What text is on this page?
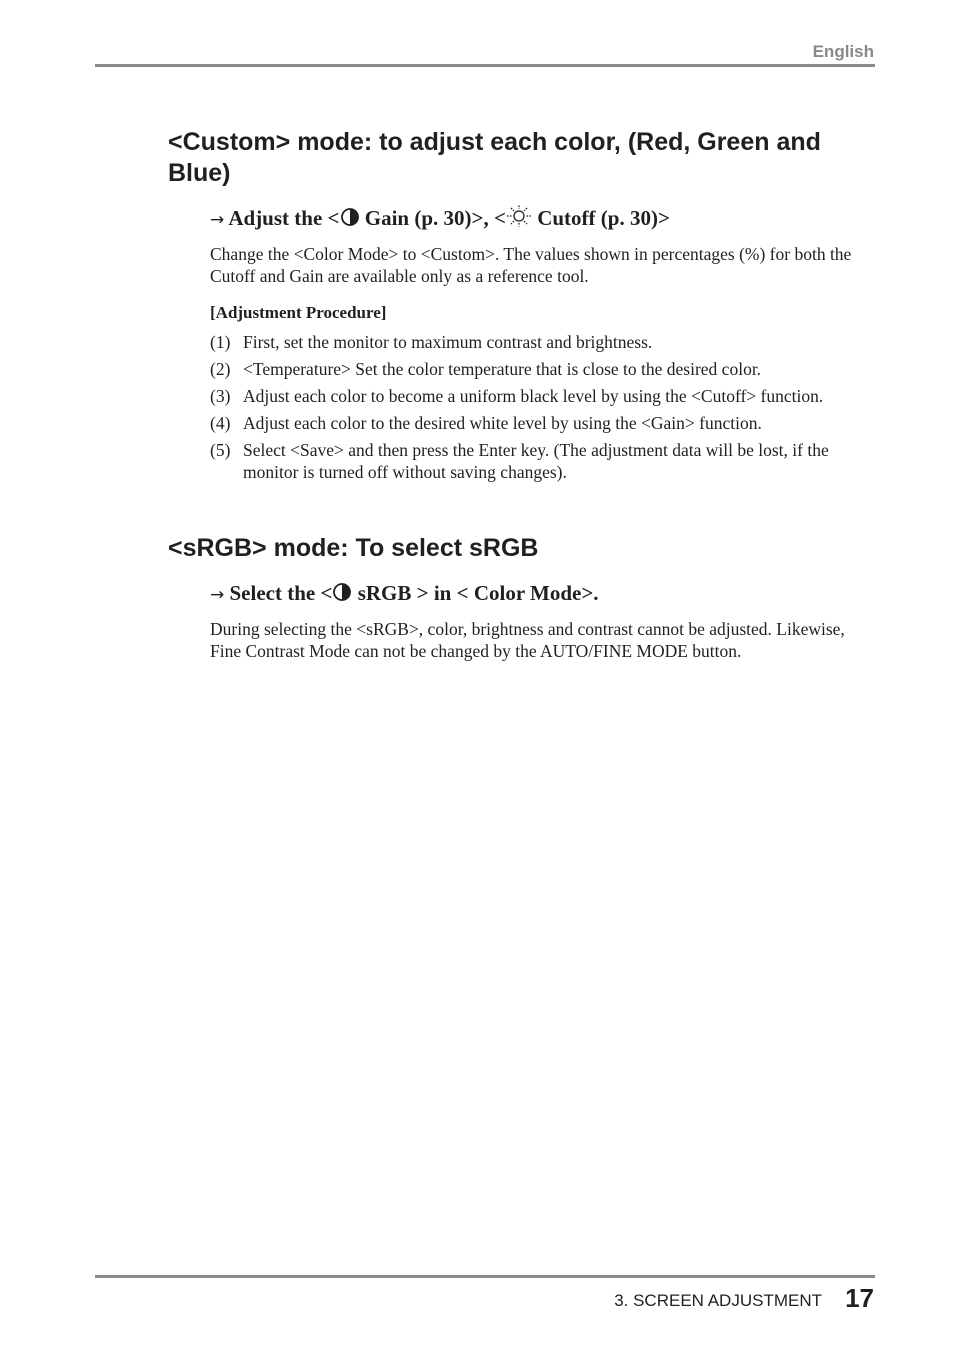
English
<Custom> mode: to adjust each color, (Red, Green and Blue)

→ Adjust the < Gain (p. 30)>, < Cutoff (p. 30)>

Change the <Color Mode> to <Custom>. The values shown in percentages (%) for both the Cutoff and Gain are available only as a reference tool.

[Adjustment Procedure]

(1) First, set the monitor to maximum contrast and brightness.
(2) <Temperature> Set the color temperature that is close to the desired color.
(3) Adjust each color to become a uniform black level by using the <Cutoff> function.
(4) Adjust each color to the desired white level by using the <Gain> function.
(5) Select <Save> and then press the Enter key. (The adjustment data will be lost, if the monitor is turned off without saving changes).
<sRGB> mode: To select sRGB

→ Select the < sRGB > in < Color Mode>.

During selecting the <sRGB>, color, brightness and contrast cannot be adjusted. Likewise, Fine Contrast Mode can not be changed by the AUTO/FINE MODE button.

3. SCREEN ADJUSTMENT 17
